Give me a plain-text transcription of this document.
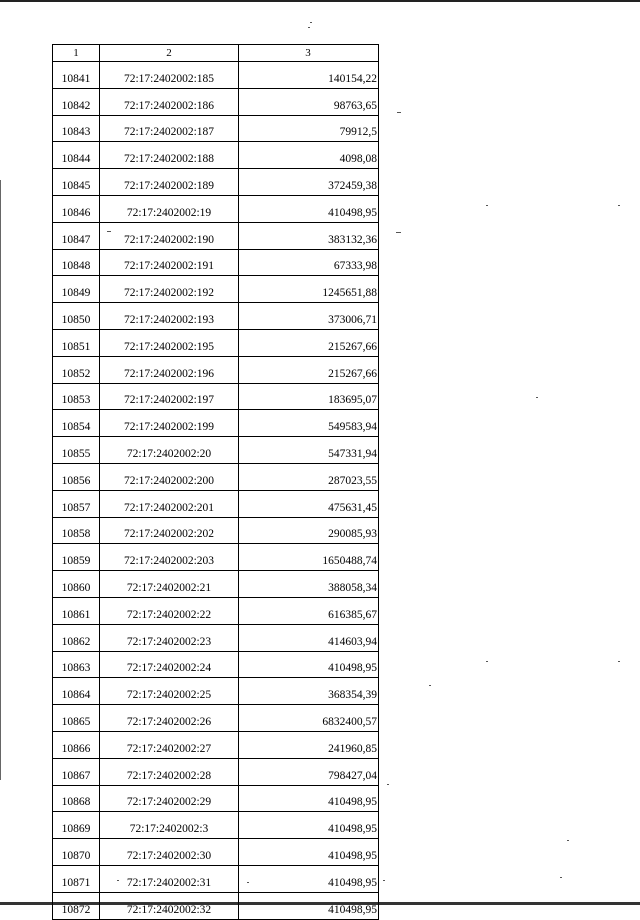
1	2	3
10841	72:17:2402002:185	140154,22
10842	72:17:2402002:186	98763,65
10843	72:17:2402002:187	79912,5
10844	72:17:2402002:188	4098,08
10845	72:17:2402002:189	372459,38
10846	72:17:2402002:19	410498,95
10847	72:17:2402002:190	383132,36
10848	72:17:2402002:191	67333,98
10849	72:17:2402002:192	1245651,88
10850	72:17:2402002:193	373006,71
10851	72:17:2402002:195	215267,66
10852	72:17:2402002:196	215267,66
10853	72:17:2402002:197	183695,07
10854	72:17:2402002:199	549583,94
10855	72:17:2402002:20	547331,94
10856	72:17:2402002:200	287023,55
10857	72:17:2402002:201	475631,45
10858	72:17:2402002:202	290085,93
10859	72:17:2402002:203	1650488,74
10860	72:17:2402002:21	388058,34
10861	72:17:2402002:22	616385,67
10862	72:17:2402002:23	414603,94
10863	72:17:2402002:24	410498,95
10864	72:17:2402002:25	368354,39
10865	72:17:2402002:26	6832400,57
10866	72:17:2402002:27	241960,85
10867	72:17:2402002:28	798427,04
10868	72:17:2402002:29	410498,95
10869	72:17:2402002:3	410498,95
10870	72:17:2402002:30	410498,95
10871	72:17:2402002:31	410498,95
10872	72:17:2402002:32	410498,95
